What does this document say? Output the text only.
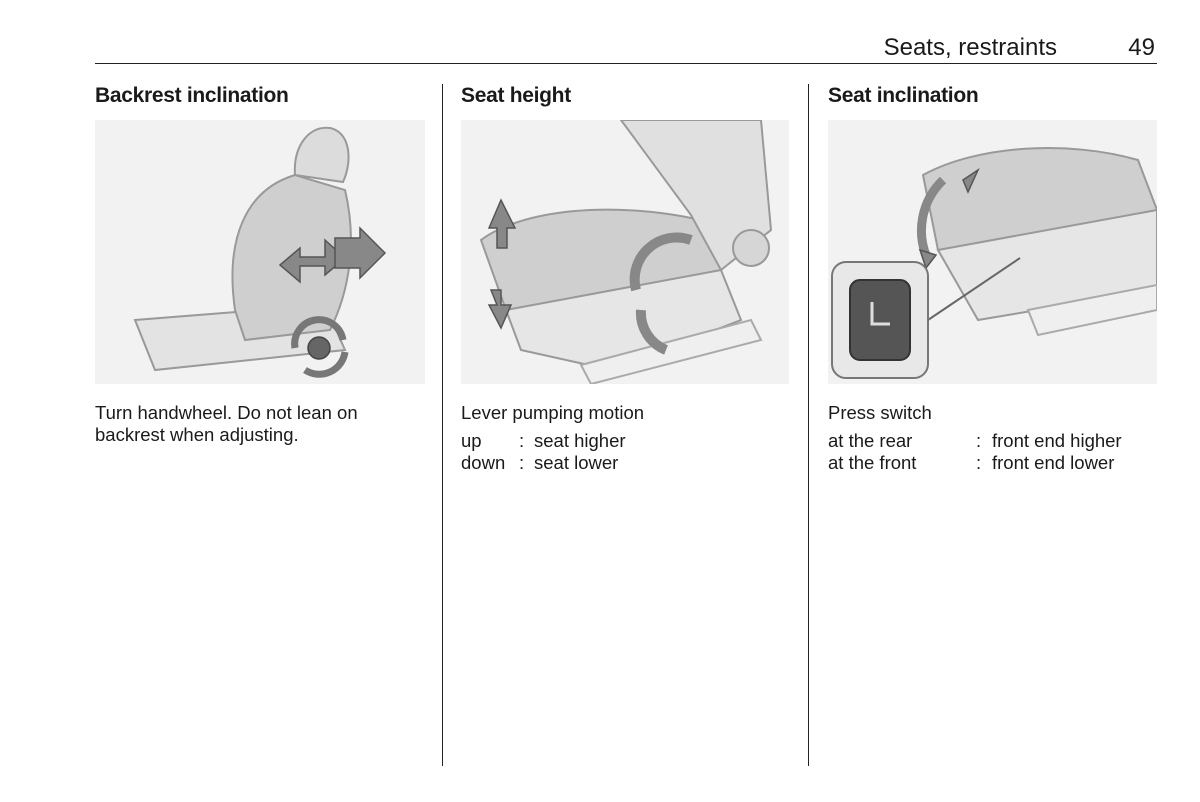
Seats, restraints	49
Backrest inclination
Turn handwheel. Do not lean on
backrest when adjusting.
Seat height
Lever pumping motion
up : seat higher
down : seat lower
Seat inclination
Press switch
at the rear	: front end higher
at the front	: front end lower
